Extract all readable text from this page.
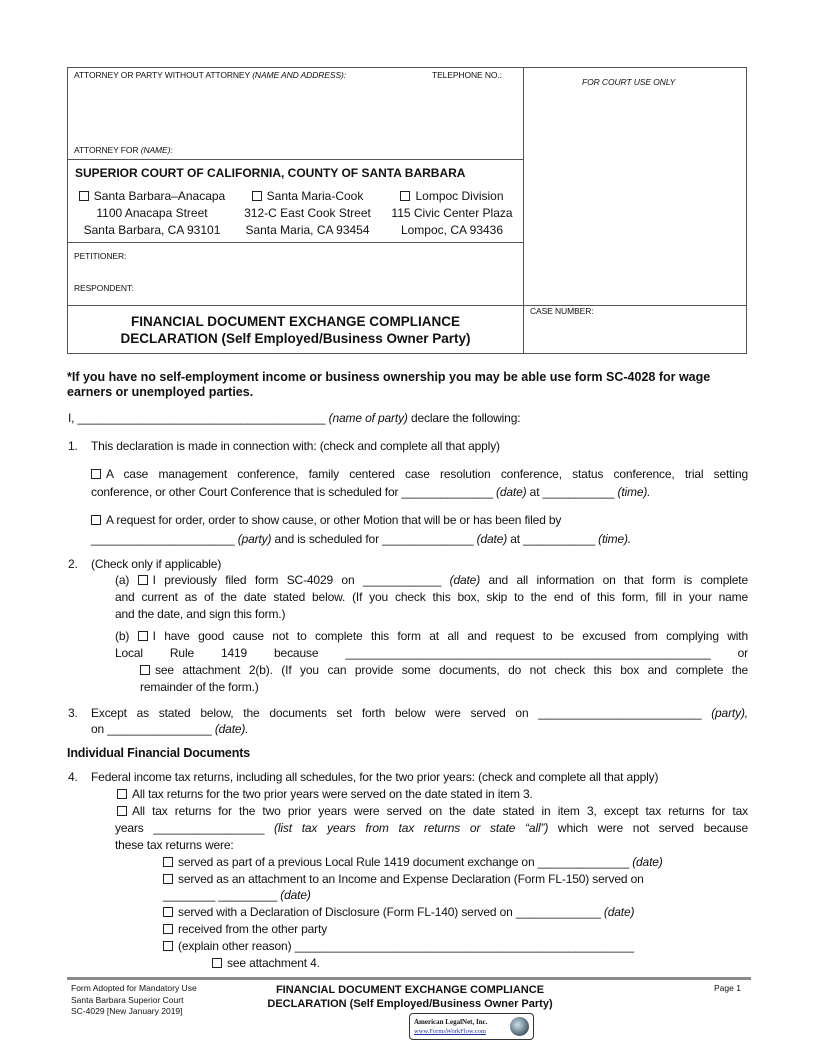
ATTORNEY OR PARTY WITHOUT ATTORNEY (NAME AND ADDRESS):	TELEPHONE NO.:
ATTORNEY FOR (NAME):
FOR COURT USE ONLY
SUPERIOR COURT OF CALIFORNIA, COUNTY OF SANTA BARBARA
Santa Barbara–Anacapa
1100 Anacapa Street
Santa Barbara, CA 93101
Santa Maria-Cook
312-C East Cook Street
Santa Maria, CA 93454
Lompoc Division
115 Civic Center Plaza
Lompoc, CA 93436
PETITIONER:
RESPONDENT:
CASE NUMBER:
FINANCIAL DOCUMENT EXCHANGE COMPLIANCE
DECLARATION (Self Employed/Business Owner Party)
*If you have no self-employment income or business ownership you may be able use form SC-4028 for wage earners or unemployed parties.
1.
2.
3.
4.
I, ______________________________________ (name of party) declare the following:
This declaration is made in connection with: (check and complete all that apply)
A case management conference, family centered case resolution conference, status conference, trial setting
conference, or other Court Conference that is scheduled for ______________ (date) at ___________ (time).
A request for order, order to show cause, or other Motion that will be or has been filed by
______________________ (party) and is scheduled for ______________ (date) at ___________ (time).
(Check only if applicable)
(a) I previously filed form SC-4029 on ____________ (date) and all information on that form is complete
and current as of the date stated below. (If you check this box, skip to the end of this form, fill in your name
and the date, and sign this form.)
(b) I have good cause not to complete this form at all and request to be excused from complying with
Local Rule 1419 because ________________________________________________________ or
see attachment 2(b). (If you can provide some documents, do not check this box and complete the
remainder of the form.)
Except as stated below, the documents set forth below were served on _________________________ (party),
on ________________ (date).
Individual Financial Documents
Federal income tax returns, including all schedules, for the two prior years: (check and complete all that apply)
All tax returns for the two prior years were served on the date stated in item 3.
All tax returns for the two prior years were served on the date stated in item 3, except tax returns for tax
years _________________ (list tax years from tax returns or state “all”) which were not served because
these tax returns were:
served as part of a previous Local Rule 1419 document exchange on ______________ (date)
served as an attachment to an Income and Expense Declaration (Form FL-150) served on
________ _________ (date)
served with a Declaration of Disclosure (Form FL-140) served on _____________ (date)
received from the other party
(explain other reason) ____________________________________________________
see attachment 4.
Form Adopted for Mandatory Use
Santa Barbara Superior Court
SC-4029 [New January 2019]
FINANCIAL DOCUMENT EXCHANGE COMPLIANCE
DECLARATION (Self Employed/Business Owner Party)
Page 1
American LegalNet, Inc.
www.FormsWorkFlow.com
